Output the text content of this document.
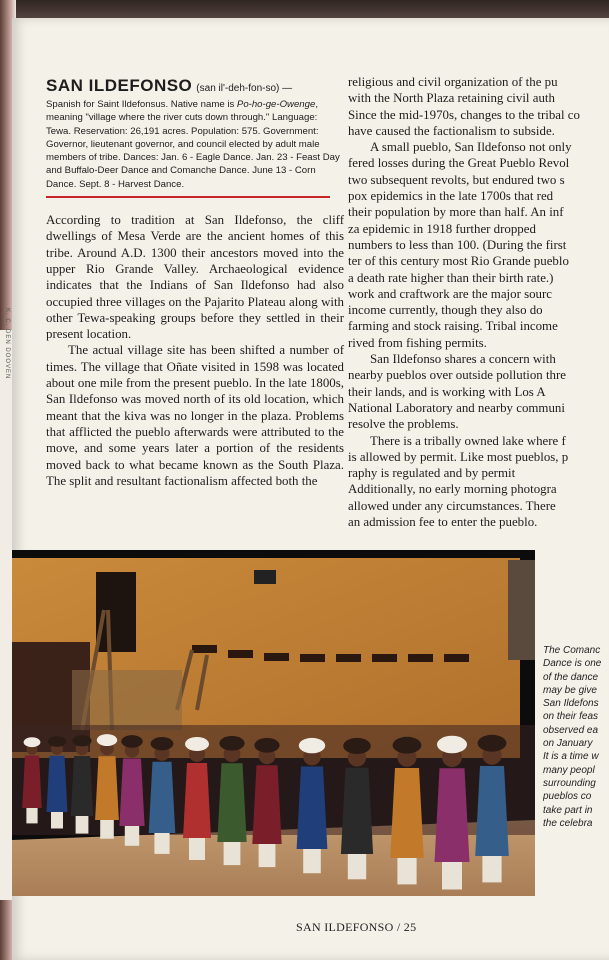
K. C. DEN DOOVEN
SAN ILDEFONSO (san il'-deh-fon-so) —

Spanish for Saint Ildefonsus. Native name is Po-ho-ge-Owenge, meaning "village where the river cuts down through." Language: Tewa. Reservation: 26,191 acres. Population: 575. Government: Governor, lieutenant governor, and council elected by adult male members of tribe. Dances: Jan. 6 - Eagle Dance. Jan. 23 - Feast Day and Buffalo-Deer Dance and Comanche Dance. June 13 - Corn Dance. Sept. 8 - Harvest Dance.

According to tradition at San Ildefonso, the cliff dwellings of Mesa Verde are the ancient homes of this tribe. Around A.D. 1300 their ancestors moved into the upper Rio Grande Valley. Archaeological evidence indicates that the Indians of San Ildefonso had also occupied three villages on the Pajarito Plateau along with other Tewa-speaking groups before they settled in their present location.

The actual village site has been shifted a number of times. The village that Oñate visited in 1598 was located about one mile from the present pueblo. In the late 1800s, San Ildefonso was moved north of its old location, which meant that the kiva was no longer in the plaza. Problems that afflicted the pueblo afterwards were attributed to the move, and some years later a portion of the residents moved back to what became known as the South Plaza. The split and resultant factionalism affected both the

religious and civil organization of the pu
with the North Plaza retaining civil auth
Since the mid-1970s, changes to the tribal co
have caused the factionalism to subside.

A small pueblo, San Ildefonso not only
fered losses during the Great Pueblo Revol
two subsequent revolts, but endured two s
pox epidemics in the late 1700s that red
their population by more than half. An inf
za epidemic in 1918 further dropped
numbers to less than 100. (During the first
ter of this century most Rio Grande pueblo
a death rate higher than their birth rate.)
work and craftwork are the major sourc
income currently, though they also do
farming and stock raising. Tribal income
rived from fishing permits.

San Ildefonso shares a concern with
nearby pueblos over outside pollution thre
their lands, and is working with Los A
National Laboratory and nearby communi
resolve the problems.

There is a tribally owned lake where f
is allowed by permit. Like most pueblos, p
raphy is regulated and by permit
Additionally, no early morning photogra
allowed under any circumstances. There
an admission fee to enter the pueblo.

The Comanc
Dance is one
of the dance
may be give
San Ildefons
on their feas
observed ea
on January
It is a time w
many peopl
surrounding
pueblos co
take part in
the celebra
SAN ILDEFONSO / 25
